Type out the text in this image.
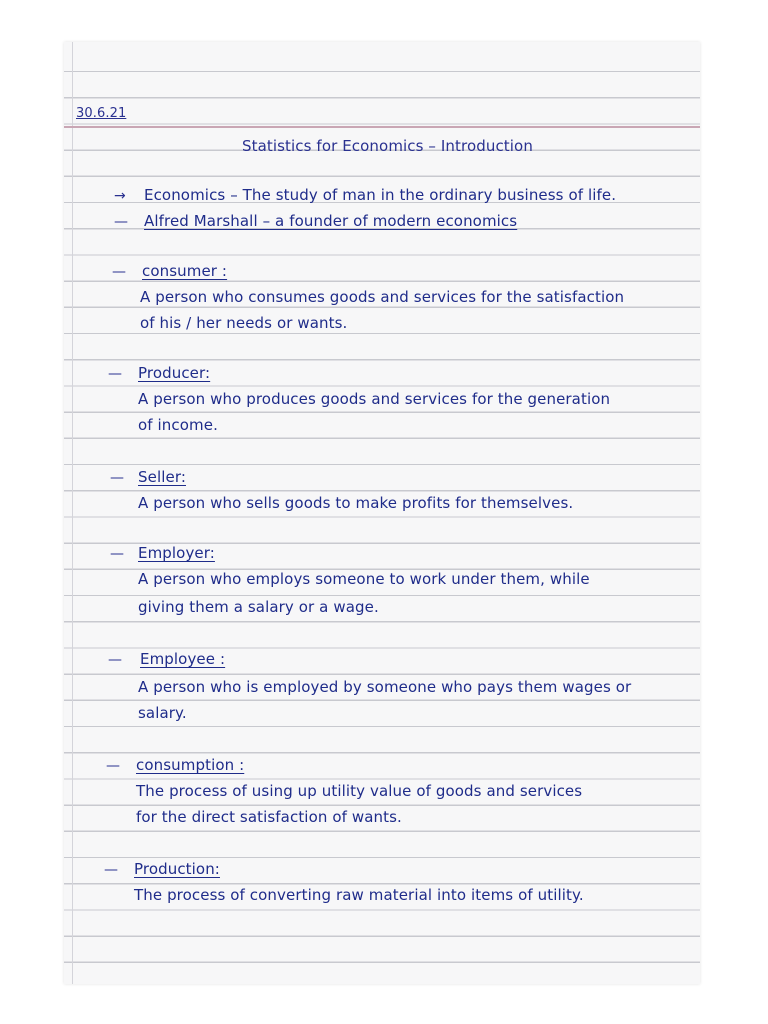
30.6.21
Statistics for Economics – Introduction
→ Economics – The study of man in the ordinary business of life.
— Alfred Marshall – a founder of modern economics
— consumer :
A person who consumes goods and services for the satisfaction
of his / her needs or wants.
— Producer:
A person who produces goods and services for the generation
of income.
— Seller:
A person who sells goods to make profits for themselves.
— Employer:
A person who employs someone to work under them, while
giving them a salary or a wage.
— Employee :
A person who is employed by someone who pays them wages or
salary.
— consumption :
The process of using up utility value of goods and services
for the direct satisfaction of wants.
— Production:
The process of converting raw material into items of utility.
